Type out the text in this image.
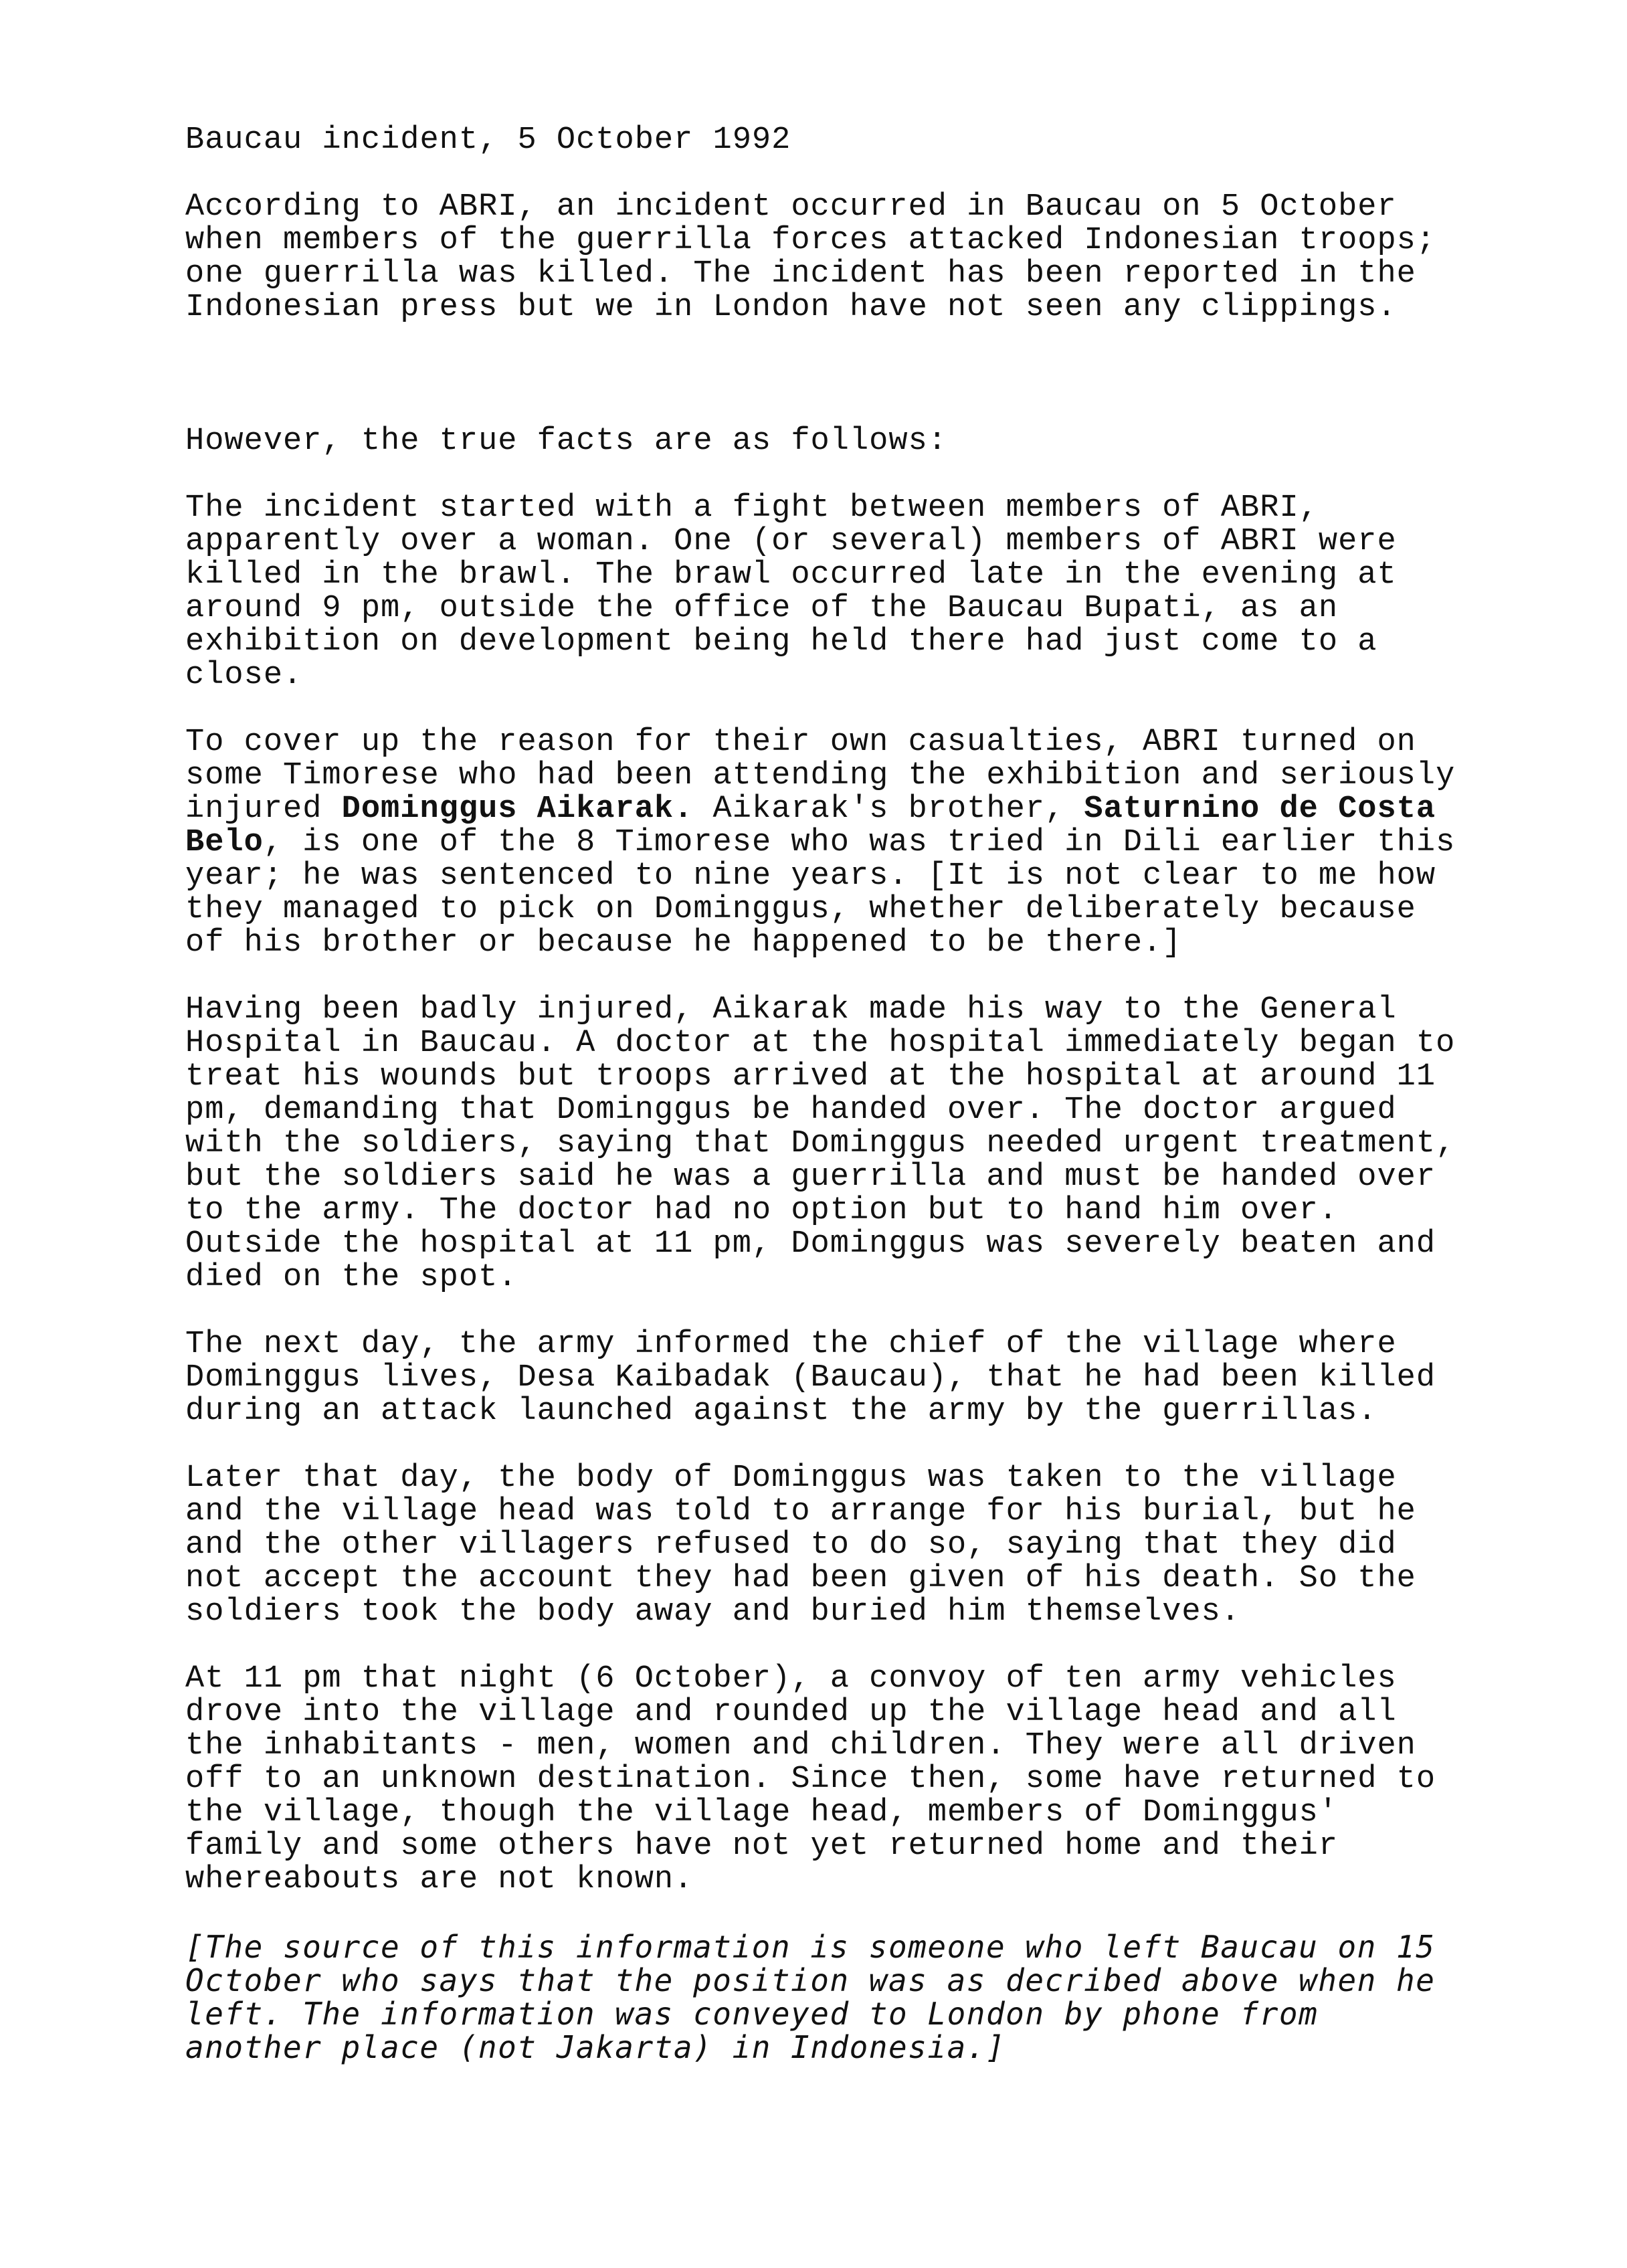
Baucau incident, 5 October 1992
According to ABRI, an incident occurred in Baucau on 5 October
when members of the guerrilla forces attacked Indonesian troops;
one guerrilla was killed. The incident has been reported in the
Indonesian press but we in London have not seen any clippings.
However, the true facts are as follows:
The incident started with a fight between members of ABRI,
apparently over a woman. One (or several) members of ABRI were
killed in the brawl. The brawl occurred late in the evening at
around 9 pm, outside the office of the Baucau Bupati, as an
exhibition on development being held there had just come to a
close.
To cover up the reason for their own casualties, ABRI turned on
some Timorese who had been attending the exhibition and seriously
injured Dominggus Aikarak. Aikarak's brother, Saturnino de Costa
Belo, is one of the 8 Timorese who was tried in Dili earlier this
year; he was sentenced to nine years. [It is not clear to me how
they managed to pick on Dominggus, whether deliberately because
of his brother or because he happened to be there.]
Having been badly injured, Aikarak made his way to the General
Hospital in Baucau. A doctor at the hospital immediately began to
treat his wounds but troops arrived at the hospital at around 11
pm, demanding that Dominggus be handed over. The doctor argued
with the soldiers, saying that Dominggus needed urgent treatment,
but the soldiers said he was a guerrilla and must be handed over
to the army. The doctor had no option but to hand him over.
Outside the hospital at 11 pm, Dominggus was severely beaten and
died on the spot.
The next day, the army informed the chief of the village where
Dominggus lives, Desa Kaibadak (Baucau), that he had been killed
during an attack launched against the army by the guerrillas.
Later that day, the body of Dominggus was taken to the village
and the village head was told to arrange for his burial, but he
and the other villagers refused to do so, saying that they did
not accept the account they had been given of his death. So the
soldiers took the body away and buried him themselves.
At 11 pm that night (6 October), a convoy of ten army vehicles
drove into the village and rounded up the village head and all
the inhabitants - men, women and children. They were all driven
off to an unknown destination. Since then, some have returned to
the village, though the village head, members of Dominggus'
family and some others have not yet returned home and their
whereabouts are not known.
[The source of this information is someone who left Baucau on 15
October who says that the position was as decribed above when he
left. The information was conveyed to London by phone from
another place (not Jakarta) in Indonesia.]
